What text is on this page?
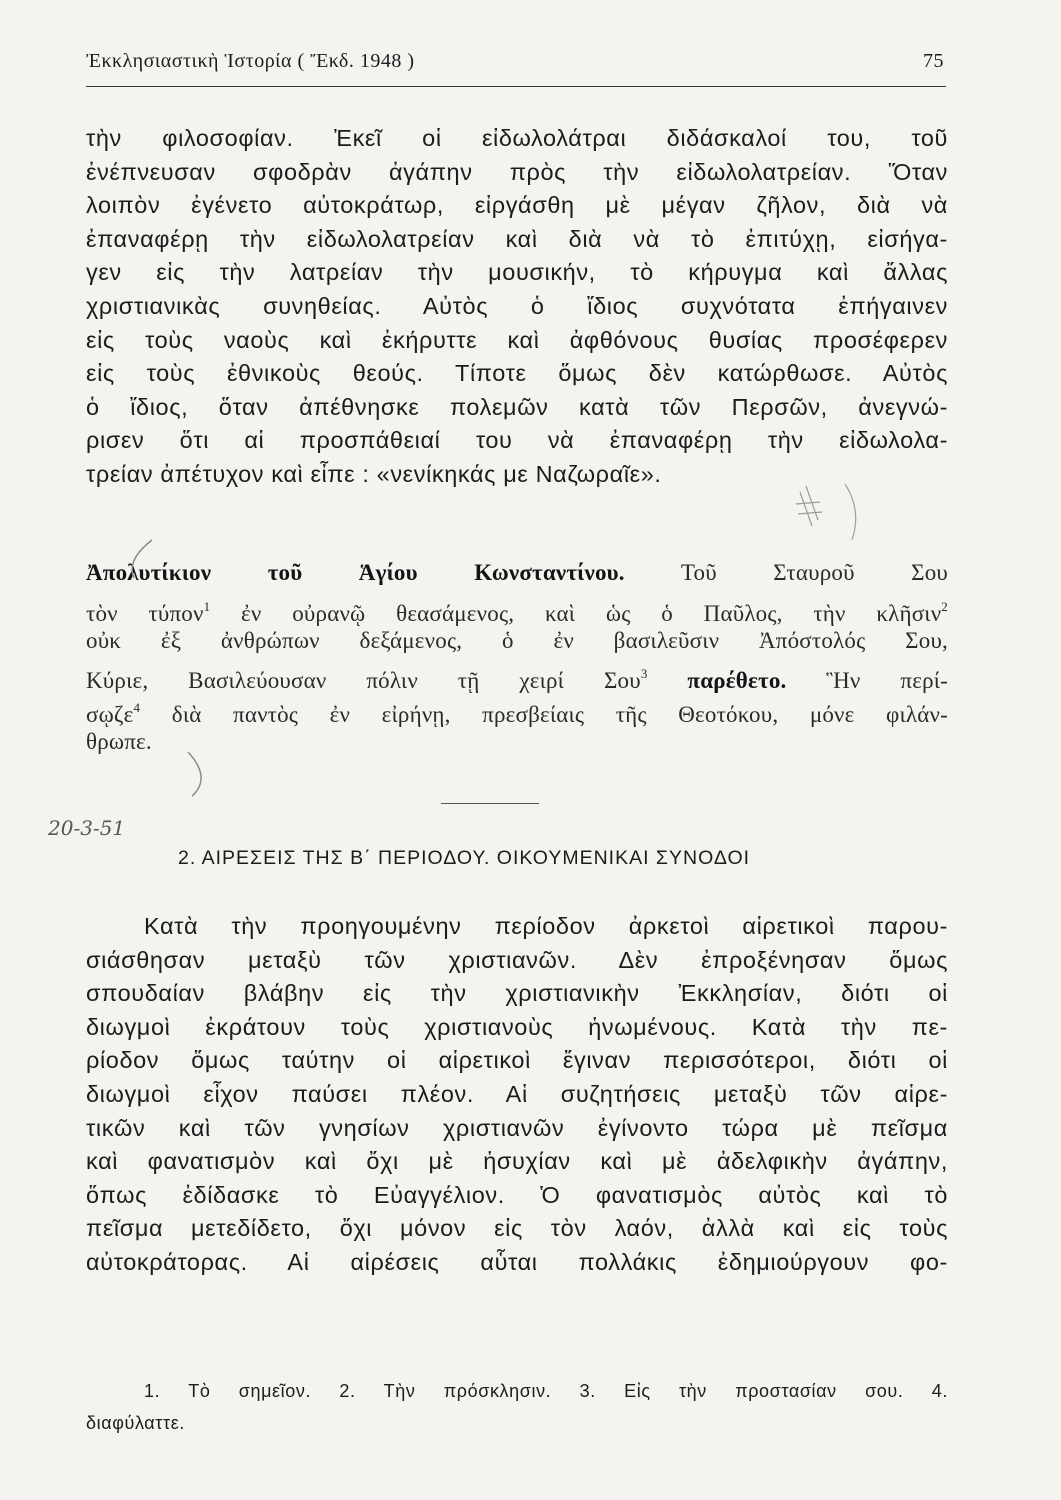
Ἐκκλησιαστικὴ Ἱστορία ( Ἔκδ. 1948 )	75
τὴν φιλοσοφίαν. Ἐκεῖ οἱ εἰδωλολάτραι διδάσκαλοί του, τοῦ
ἐνέπνευσαν σφοδρὰν ἀγάπην πρὸς τὴν εἰδωλολατρείαν. Ὅταν
λοιπὸν ἐγένετο αὐτοκράτωρ, εἰργάσθη μὲ μέγαν ζῆλον, διὰ νὰ
ἐπαναφέρῃ τὴν εἰδωλολατρείαν καὶ διὰ νὰ τὸ ἐπιτύχῃ, εἰσήγα-
γεν εἰς τὴν λατρείαν τὴν μουσικήν, τὸ κήρυγμα καὶ ἄλλας
χριστιανικὰς συνηθείας. Αὐτὸς ὁ ἴδιος συχνότατα ἐπήγαινεν
εἰς τοὺς ναοὺς καὶ ἐκήρυττε καὶ ἀφθόνους θυσίας προσέφερεν
εἰς τοὺς ἐθνικοὺς θεούς. Τίποτε ὅμως δὲν κατώρθωσε. Αὐτὸς
ὁ ἴδιος, ὅταν ἀπέθνησκε πολεμῶν κατὰ τῶν Περσῶν, ἀνεγνώ-
ρισεν ὅτι αἱ προσπάθειαί του νὰ ἐπαναφέρῃ τὴν εἰδωλολα-
τρείαν ἀπέτυχον καὶ εἶπε : «νενίκηκάς με Ναζωραῖε».
Ἀπολυτίκιον τοῦ Ἁγίου Κωνσταντίνου. Τοῦ Σταυροῦ Σου
τὸν τύπον$^1$ ἐν οὐρανῷ θεασάμενος, καὶ ὡς ὁ Παῦλος, τὴν κλῆσιν$^2$
οὐκ ἐξ ἀνθρώπων δεξάμενος, ὁ ἐν βασιλεῦσιν Ἀπόστολός Σου,
Κύριε, Βασιλεύουσαν πόλιν τῇ χειρί Σου$^3$ παρέθετο. Ἣν περί-
σῳζε$^4$ διὰ παντὸς ἐν εἰρήνῃ, πρεσβείαις τῆς Θεοτόκου, μόνε φιλάν-
θρωπε.
20-3-51
2. ΑΙΡΕΣΕΙΣ ΤΗΣ Β΄ ΠΕΡΙΟΔΟΥ. ΟΙΚΟΥΜΕΝΙΚΑΙ ΣΥΝΟΔΟΙ
Κατὰ τὴν προηγουμένην περίοδον ἀρκετοὶ αἱρετικοὶ παρου-
σιάσθησαν μεταξὺ τῶν χριστιανῶν. Δὲν ἐπροξένησαν ὅμως
σπουδαίαν βλάβην εἰς τὴν χριστιανικὴν Ἐκκλησίαν, διότι οἱ
διωγμοὶ ἐκράτουν τοὺς χριστιανοὺς ἡνωμένους. Κατὰ τὴν πε-
ρίοδον ὅμως ταύτην οἱ αἱρετικοὶ ἔγιναν περισσότεροι, διότι οἱ
διωγμοὶ εἶχον παύσει πλέον. Αἱ συζητήσεις μεταξὺ τῶν αἱρε-
τικῶν καὶ τῶν γνησίων χριστιανῶν ἐγίνοντο τώρα μὲ πεῖσμα
καὶ φανατισμὸν καὶ ὄχι μὲ ἡσυχίαν καὶ μὲ ἀδελφικὴν ἀγάπην,
ὅπως ἐδίδασκε τὸ Εὐαγγέλιον. Ὁ φανατισμὸς αὐτὸς καὶ τὸ
πεῖσμα μετεδίδετο, ὄχι μόνον εἰς τὸν λαόν, ἀλλὰ καὶ εἰς τοὺς
αὐτοκράτορας. Αἱ αἱρέσεις αὗται πολλάκις ἐδημιούργουν φο-
1. Τὸ σημεῖον. 2. Τὴν πρόσκλησιν. 3. Εἰς τὴν προστασίαν σου. 4.
διαφύλαττε.
